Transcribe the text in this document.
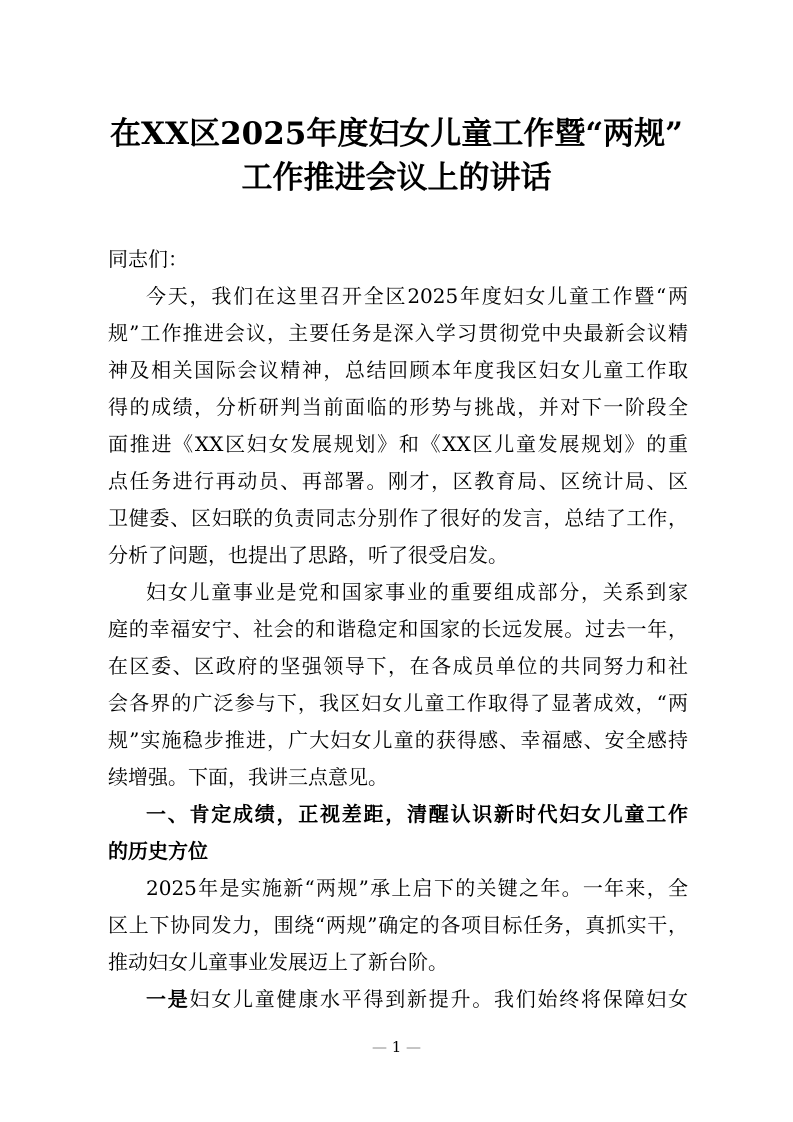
在XX区2025年度妇女儿童工作暨“两规”
工作推进会议上的讲话
同志们：
今天，我们在这里召开全区2025年度妇女儿童工作暨“两
规”工作推进会议，主要任务是深入学习贯彻党中央最新会议精
神及相关国际会议精神，总结回顾本年度我区妇女儿童工作取
得的成绩，分析研判当前面临的形势与挑战，并对下一阶段全
面推进《XX区妇女发展规划》和《XX区儿童发展规划》的重
点任务进行再动员、再部署。刚才，区教育局、区统计局、区
卫健委、区妇联的负责同志分别作了很好的发言，总结了工作，
分析了问题，也提出了思路，听了很受启发。
妇女儿童事业是党和国家事业的重要组成部分，关系到家
庭的幸福安宁、社会的和谐稳定和国家的长远发展。过去一年，
在区委、区政府的坚强领导下，在各成员单位的共同努力和社
会各界的广泛参与下，我区妇女儿童工作取得了显著成效，“两
规”实施稳步推进，广大妇女儿童的获得感、幸福感、安全感持
续增强。下面，我讲三点意见。
一、肯定成绩，正视差距，清醒认识新时代妇女儿童工作
的历史方位
2025年是实施新“两规”承上启下的关键之年。一年来，全
区上下协同发力，围绕“两规”确定的各项目标任务，真抓实干，
推动妇女儿童事业发展迈上了新台阶。
一是妇女儿童健康水平得到新提升。我们始终将保障妇女
— 1 —
